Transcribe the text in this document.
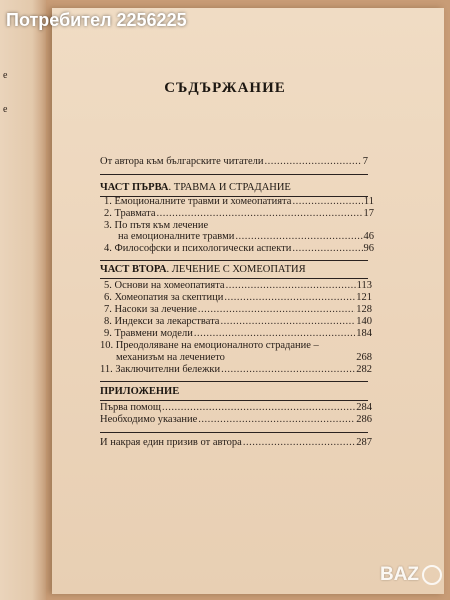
е
е
Потребител 2256225
СЪДЪРЖАНИЕ
От автора към българските читатели .....	7
ЧАСТ ПЪРВА. ТРАВМА И СТРАДАНИЕ
1. Емоционалните травми и хомеопатията .....	11
2. Травмата .....	17
3. По пътя към лечение
на емоционалните травми .....	46
4. Философски и психологически аспекти .....	96
ЧАСТ ВТОРА. ЛЕЧЕНИЕ С ХОМЕОПАТИЯ
5. Основи на хомеопатията .....	113
6. Хомеопатия за скептици .....	121
7. Насоки за лечение .....	128
8. Индекси за лекарствата .....	140
9. Травмени модели .....	184
10. Преодоляване на емоционалното страдание –
механизъм на лечението	268
11. Заключителни бележки .....	282
ПРИЛОЖЕНИЕ
Първа помощ .....	284
Необходимо указание .....	286
И накрая един призив от автора .....	287
BAZ
